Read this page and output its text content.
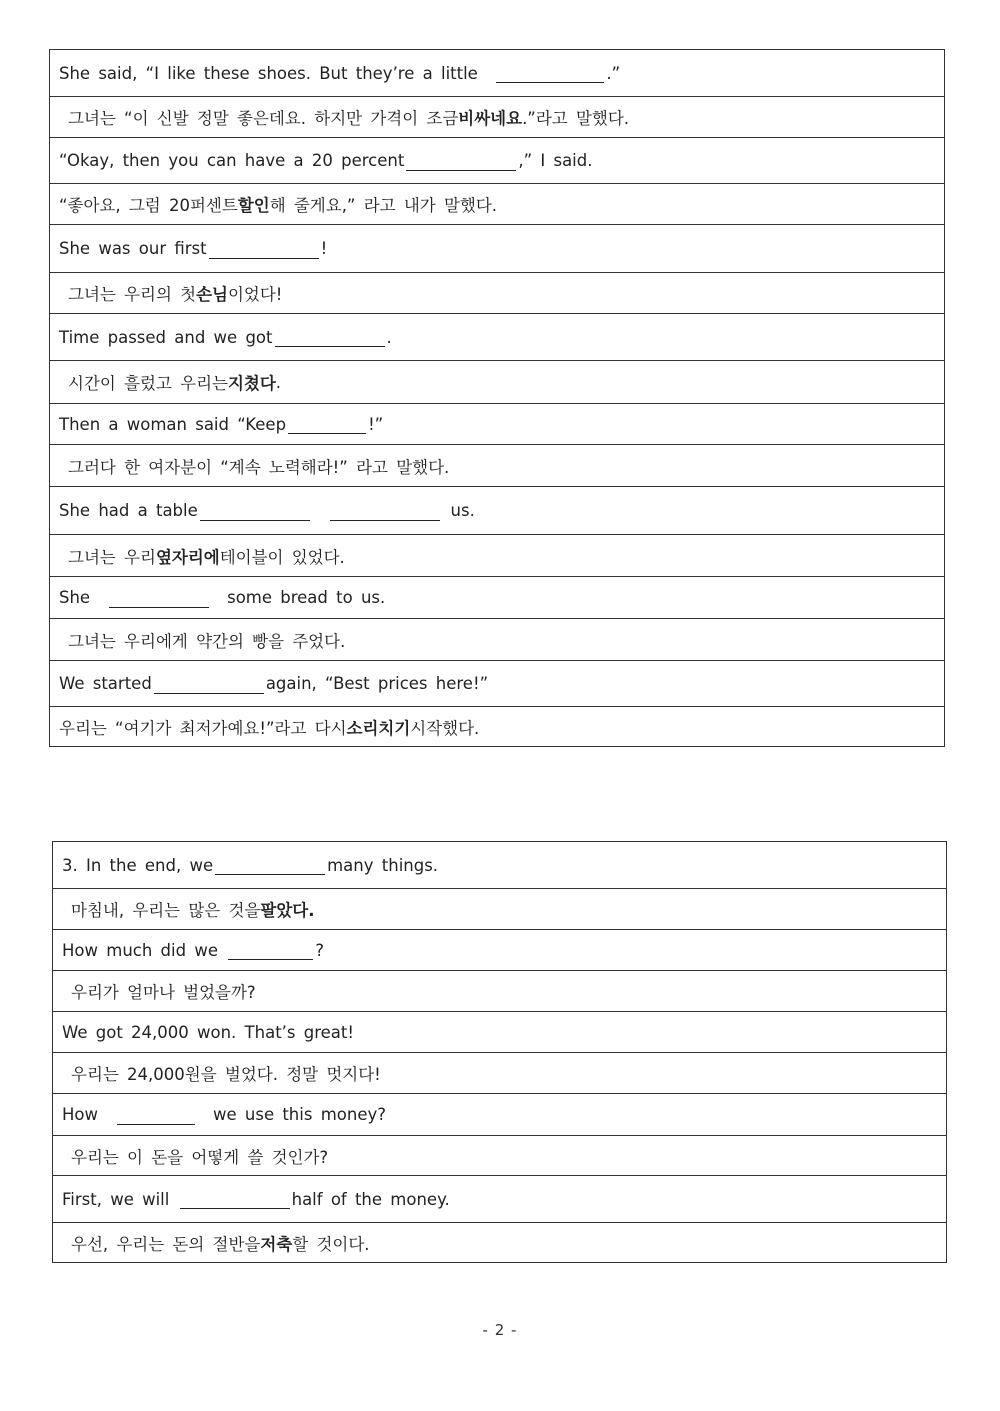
She said, “I like these shoes. But they’re a little
	.”
그녀는 “이 신발 정말 좋은데요. 하지만 가격이 조금 비싸네요 .”라고 말했다.
“Okay, then you can have a 20 percent	,” I said.
“좋아요, 그럼 20퍼센트 할인 해 줄게요,” 라고 내가 말했다.
She was our first	!
그녀는 우리의 첫 손님 이었다!
Time passed and we got	.
시간이 흘렀고 우리는 지쳤다 .
Then a woman said “Keep	!”
그러다 한 여자분이 “계속 노력해라!” 라고 말했다.
She had a table

	us.
그녀는 우리 옆자리에 테이블이 있었다.
She

	some bread to us.
그녀는 우리에게 약간의 빵을 주었다.
We started	again, “Best prices here!”
우리는 “여기가 최저가예요!”라고 다시 소리치기 시작했다.
3. In the end, we	many things.
마침내, 우리는 많은 것을 팔았다.
How much did we
	?
우리가 얼마나 벌었을까?
We got 24,000 won. That’s great!
우리는 24,000원을 벌었다. 정말 멋지다!
How

	we use this money?
우리는 이 돈을 어떻게 쓸 것인가?
First, we will
	half of the money.
우선, 우리는 돈의 절반을 저축 할 것이다.
- 2 -
